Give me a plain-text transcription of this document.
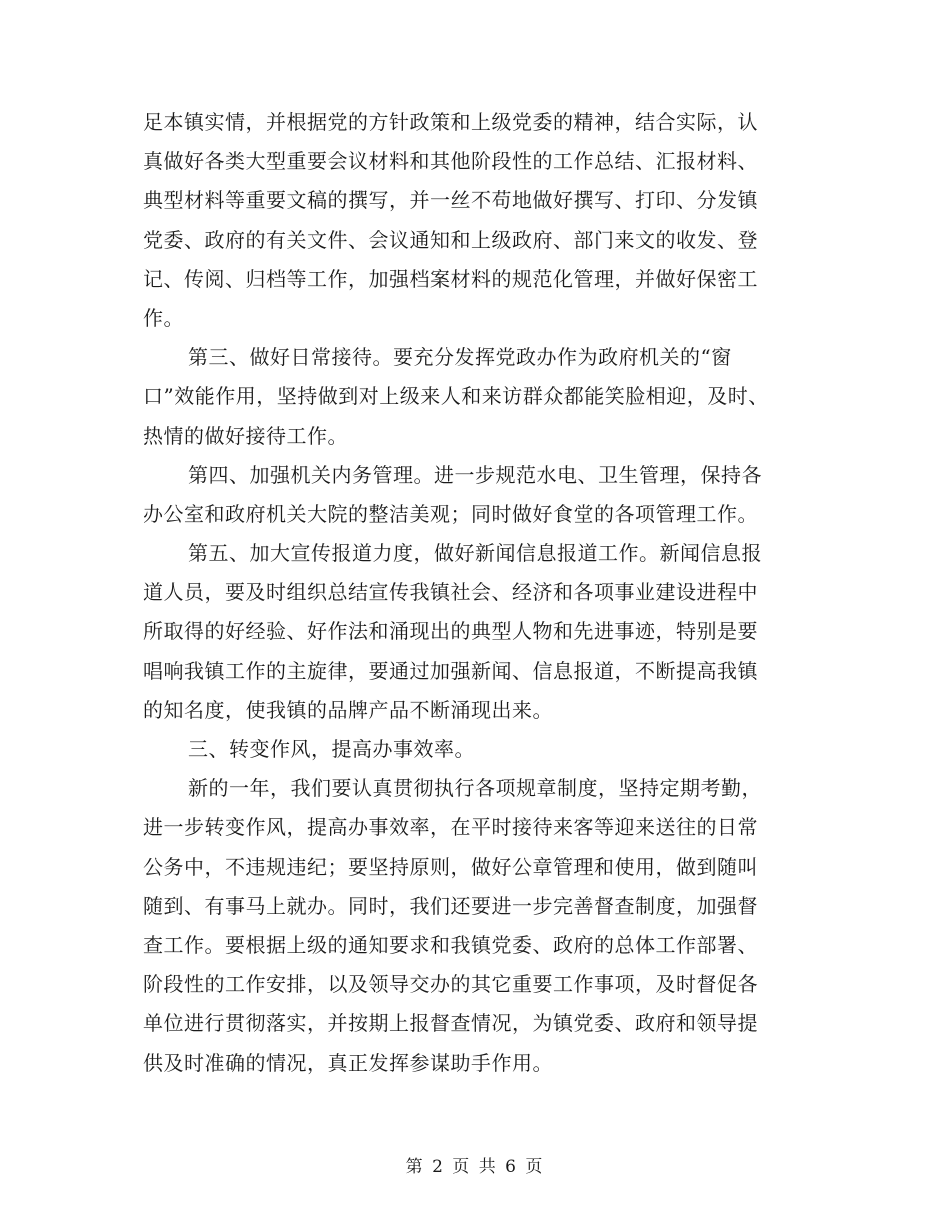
足本镇实情，并根据党的方针政策和上级党委的精神，结合实际，认
真做好各类大型重要会议材料和其他阶段性的工作总结、汇报材料、
典型材料等重要文稿的撰写，并一丝不苟地做好撰写、打印、分发镇
党委、政府的有关文件、会议通知和上级政府、部门来文的收发、登
记、传阅、归档等工作，加强档案材料的规范化管理，并做好保密工
作。
第三、做好日常接待。要充分发挥党政办作为政府机关的“窗
口”效能作用，坚持做到对上级来人和来访群众都能笑脸相迎，及时、
热情的做好接待工作。
第四、加强机关内务管理。进一步规范水电、卫生管理，保持各
办公室和政府机关大院的整洁美观；同时做好食堂的各项管理工作。
第五、加大宣传报道力度，做好新闻信息报道工作。新闻信息报
道人员，要及时组织总结宣传我镇社会、经济和各项事业建设进程中
所取得的好经验、好作法和涌现出的典型人物和先进事迹，特别是要
唱响我镇工作的主旋律，要通过加强新闻、信息报道，不断提高我镇
的知名度，使我镇的品牌产品不断涌现出来。
三、转变作风，提高办事效率。
新的一年，我们要认真贯彻执行各项规章制度，坚持定期考勤，
进一步转变作风，提高办事效率，在平时接待来客等迎来送往的日常
公务中，不违规违纪；要坚持原则，做好公章管理和使用，做到随叫
随到、有事马上就办。同时，我们还要进一步完善督查制度，加强督
查工作。要根据上级的通知要求和我镇党委、政府的总体工作部署、
阶段性的工作安排，以及领导交办的其它重要工作事项，及时督促各
单位进行贯彻落实，并按期上报督查情况，为镇党委、政府和领导提
供及时准确的情况，真正发挥参谋助手作用。
第 2 页 共 6 页
